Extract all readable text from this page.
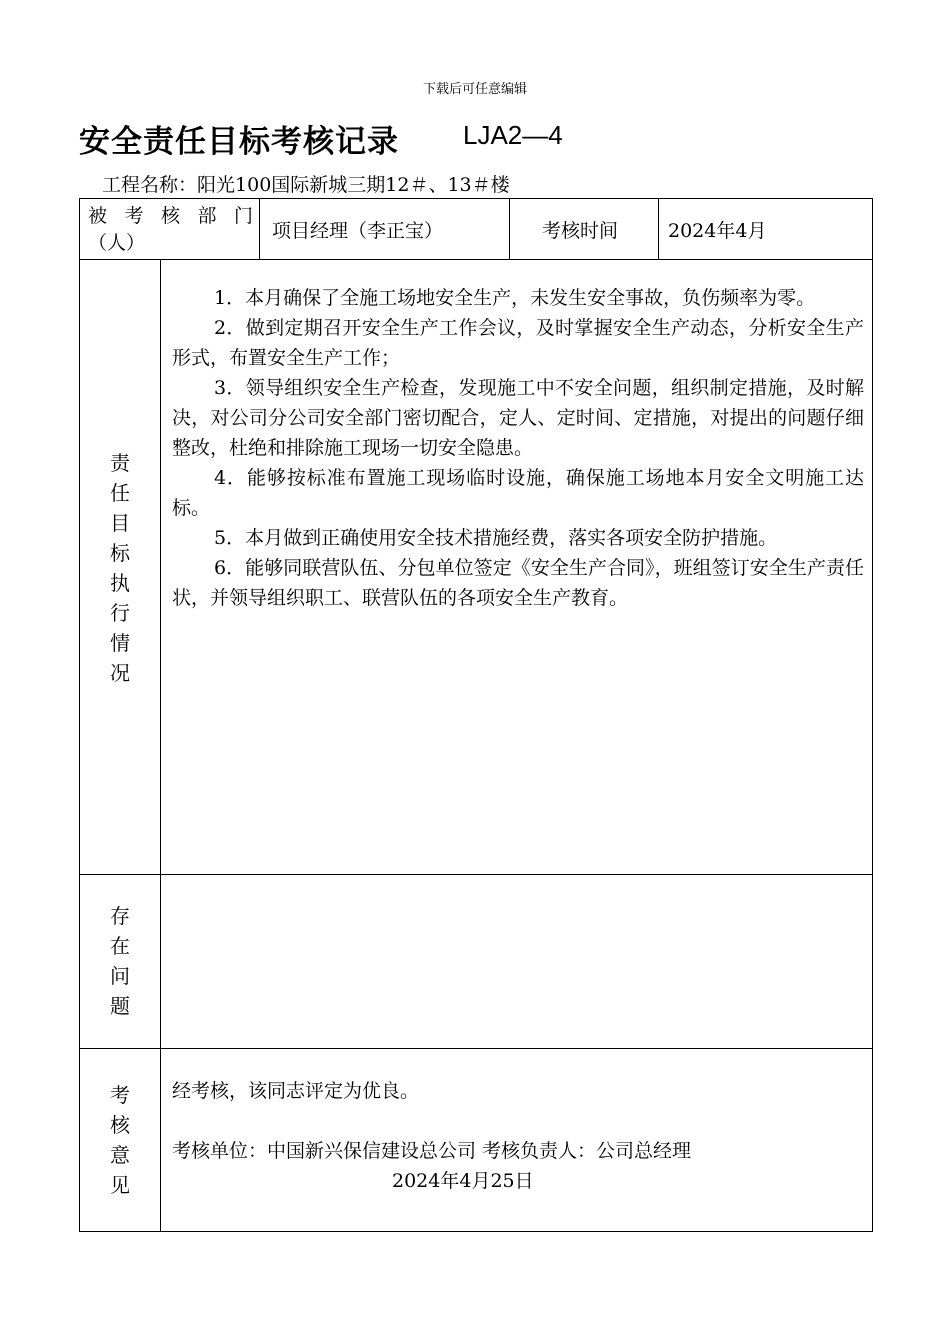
下载后可任意编辑
安全责任目标考核记录 LJA2—4
工程名称：阳光100国际新城三期12＃、13＃楼
被考核部门
（人）
项目经理（李正宝）	考核时间	2024年4月
责
任
目
标
执
行
情
况

1．本月确保了全施工场地安全生产，未发生安全事故，负伤频率为零。

2．做到定期召开安全生产工作会议，及时掌握安全生产动态，分析安全生产形式，布置安全生产工作；

3．领导组织安全生产检查，发现施工中不安全问题，组织制定措施，及时解决，对公司分公司安全部门密切配合，定人、定时间、定措施，对提出的问题仔细整改，杜绝和排除施工现场一切安全隐患。

4．能够按标准布置施工现场临时设施，确保施工场地本月安全文明施工达标。

5．本月做到正确使用安全技术措施经费，落实各项安全防护措施。

6．能够同联营队伍、分包单位签定《安全生产合同》，班组签订安全生产责任状，并领导组织职工、联营队伍的各项安全生产教育。

存
在
问
题
考
核
意
见
经考核，该同志评定为优良。
考核单位：中国新兴保信建设总公司 考核负责人：公司总经理
2024年4月25日
